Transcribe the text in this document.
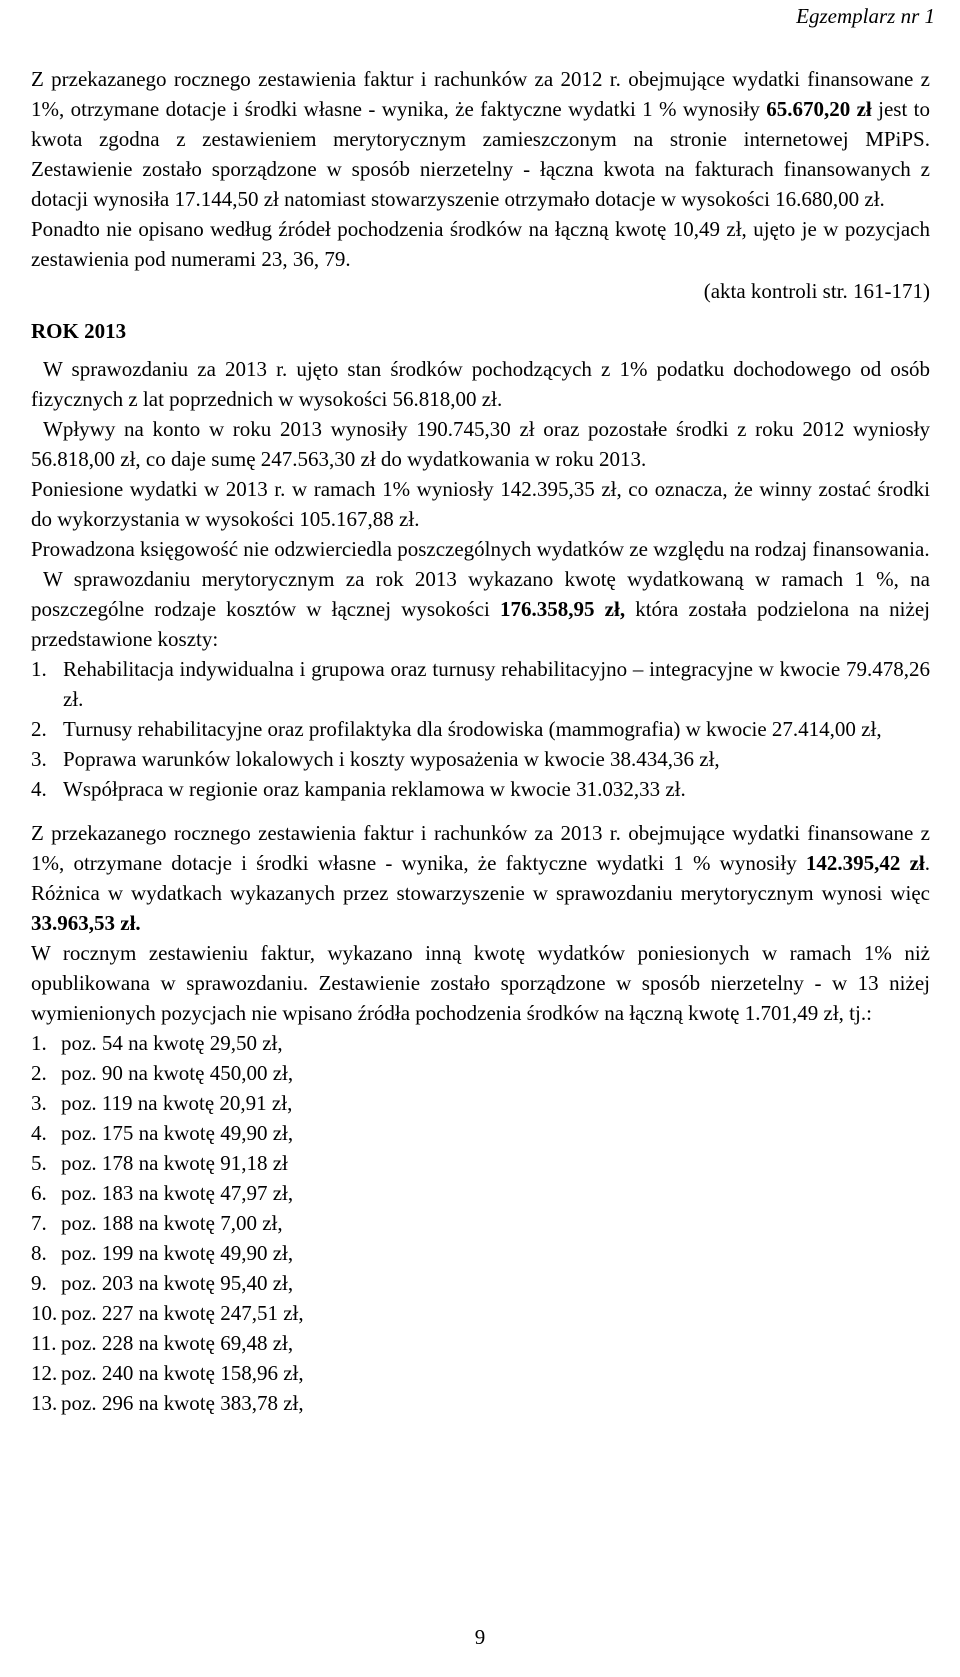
Egzemplarz nr 1

Z przekazanego rocznego zestawienia faktur i rachunków za 2012 r. obejmujące wydatki finansowane z 1%, otrzymane dotacje i środki własne - wynika, że faktyczne wydatki 1 % wynosiły 65.670,20 zł jest to kwota zgodna z zestawieniem merytorycznym zamieszczonym na stronie internetowej MPiPS. Zestawienie zostało sporządzone w sposób nierzetelny - łączna kwota na fakturach finansowanych z dotacji wynosiła 17.144,50 zł natomiast stowarzyszenie otrzymało dotacje w wysokości 16.680,00 zł.

Ponadto nie opisano według źródeł pochodzenia środków na łączną kwotę 10,49 zł, ujęto je w pozycjach zestawienia pod numerami 23, 36, 79.

(akta kontroli str. 161-171)

ROK 2013

W sprawozdaniu za 2013 r. ujęto stan środków pochodzących z 1% podatku dochodowego od osób fizycznych z lat poprzednich w wysokości 56.818,00 zł.

Wpływy na konto w roku 2013 wynosiły 190.745,30 zł oraz pozostałe środki z roku 2012 wyniosły 56.818,00 zł, co daje sumę 247.563,30 zł do wydatkowania w roku 2013.

Poniesione wydatki w 2013 r. w ramach 1% wyniosły 142.395,35 zł, co oznacza, że winny zostać środki do wykorzystania w wysokości 105.167,88 zł.

Prowadzona księgowość nie odzwierciedla poszczególnych wydatków ze względu na rodzaj finansowania.

W sprawozdaniu merytorycznym za rok 2013 wykazano kwotę wydatkowaną w ramach 1 %, na poszczególne rodzaje kosztów w łącznej wysokości 176.358,95 zł, która została podzielona na niżej przedstawione koszty:

1. Rehabilitacja indywidualna i grupowa oraz turnusy rehabilitacyjno – integracyjne w kwocie 79.478,26 zł.
2. Turnusy rehabilitacyjne oraz profilaktyka dla środowiska (mammografia) w kwocie 27.414,00 zł,
3. Poprawa warunków lokalowych i koszty wyposażenia w kwocie 38.434,36 zł,
4. Współpraca w regionie oraz kampania reklamowa w kwocie 31.032,33 zł.

Z przekazanego rocznego zestawienia faktur i rachunków za 2013 r. obejmujące wydatki finansowane z 1%, otrzymane dotacje i środki własne - wynika, że faktyczne wydatki 1 % wynosiły 142.395,42 zł. Różnica w wydatkach wykazanych przez stowarzyszenie w sprawozdaniu merytorycznym wynosi więc 33.963,53 zł.

W rocznym zestawieniu faktur, wykazano inną kwotę wydatków poniesionych w ramach 1% niż opublikowana w sprawozdaniu. Zestawienie zostało sporządzone w sposób nierzetelny - w 13 niżej wymienionych pozycjach nie wpisano źródła pochodzenia środków na łączną kwotę 1.701,49 zł, tj.:

1. poz. 54 na kwotę 29,50 zł,
2. poz. 90 na kwotę 450,00 zł,
3. poz. 119 na kwotę 20,91 zł,
4. poz. 175 na kwotę 49,90 zł,
5. poz. 178 na kwotę 91,18 zł
6. poz. 183 na kwotę 47,97 zł,
7. poz. 188 na kwotę 7,00 zł,
8. poz. 199 na kwotę 49,90 zł,
9. poz. 203 na kwotę 95,40 zł,
10. poz. 227 na kwotę 247,51 zł,
11. poz. 228 na kwotę 69,48 zł,
12. poz. 240 na kwotę 158,96 zł,
13. poz. 296 na kwotę 383,78 zł,
9
